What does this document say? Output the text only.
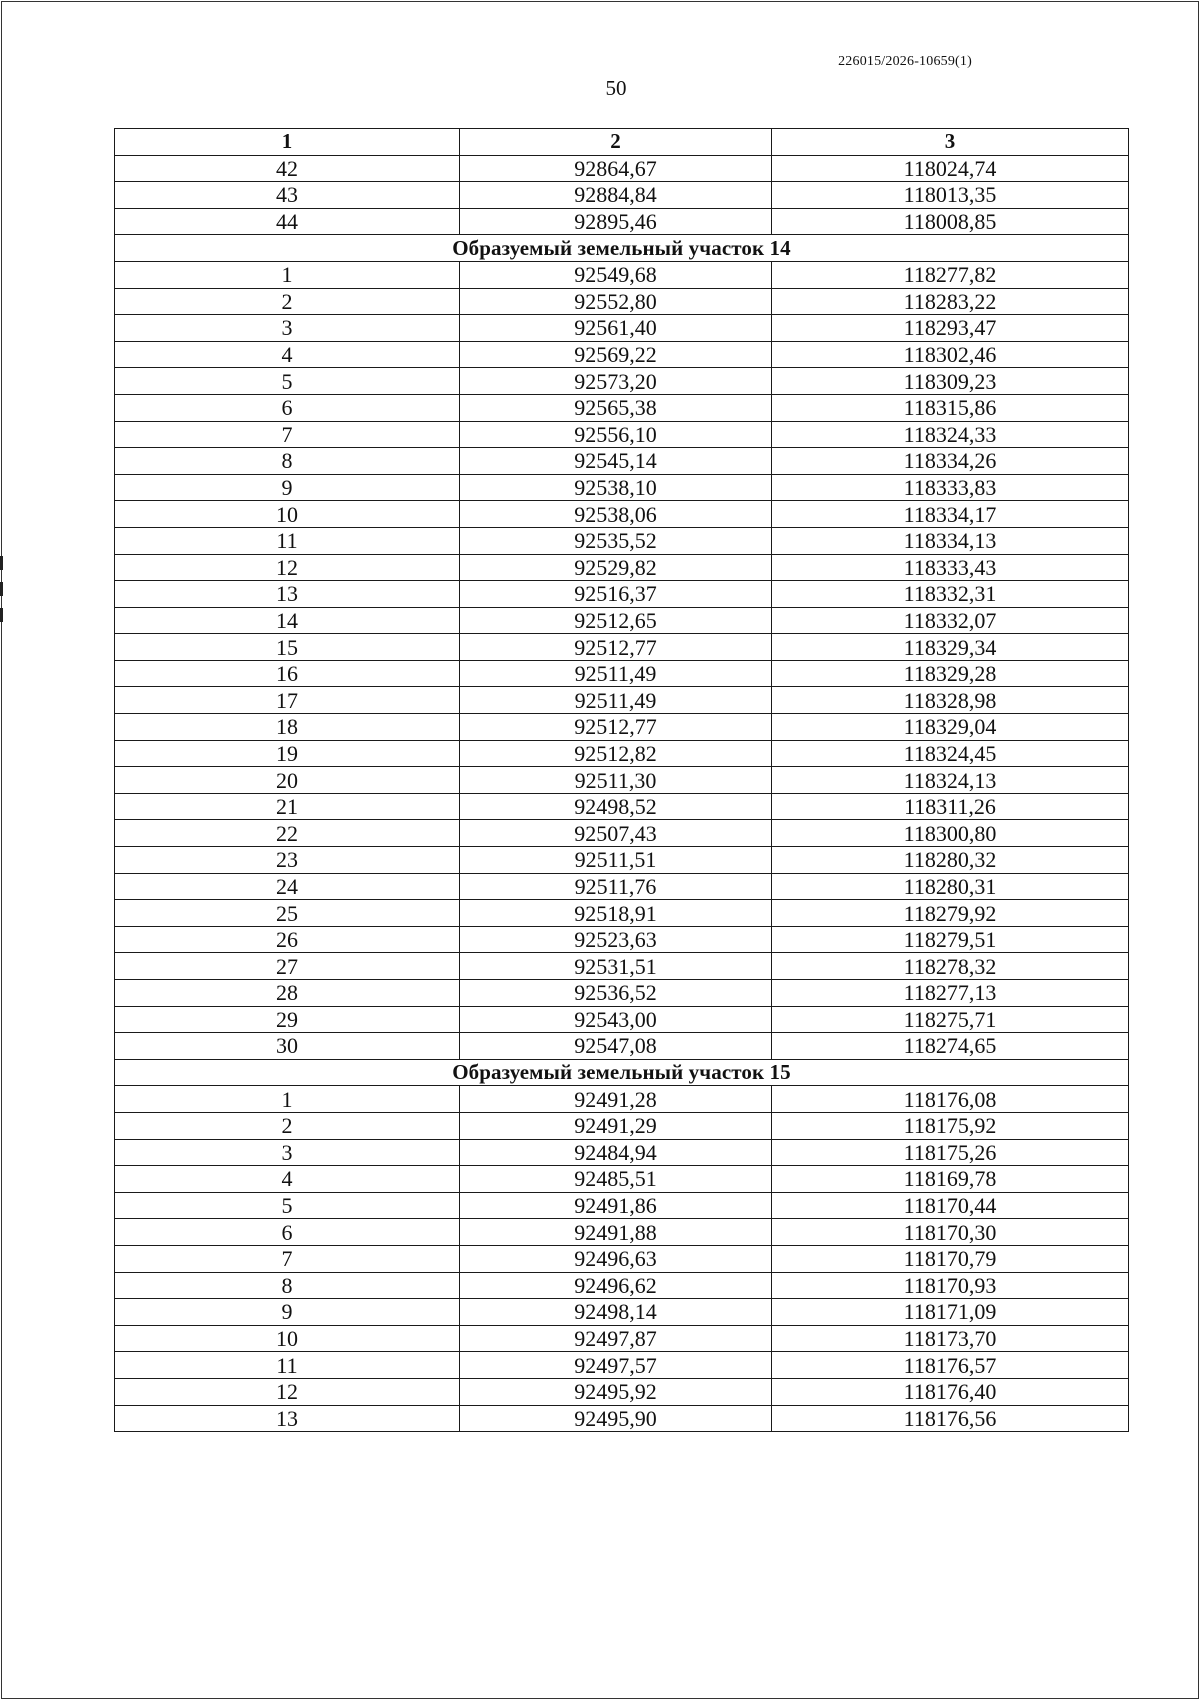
226015/2026-10659(1)
50
1	2	3
42	92864,67	118024,74
43	92884,84	118013,35
44	92895,46	118008,85
Образуемый земельный участок 14		
1	92549,68	118277,82
2	92552,80	118283,22
3	92561,40	118293,47
4	92569,22	118302,46
5	92573,20	118309,23
6	92565,38	118315,86
7	92556,10	118324,33
8	92545,14	118334,26
9	92538,10	118333,83
10	92538,06	118334,17
11	92535,52	118334,13
12	92529,82	118333,43
13	92516,37	118332,31
14	92512,65	118332,07
15	92512,77	118329,34
16	92511,49	118329,28
17	92511,49	118328,98
18	92512,77	118329,04
19	92512,82	118324,45
20	92511,30	118324,13
21	92498,52	118311,26
22	92507,43	118300,80
23	92511,51	118280,32
24	92511,76	118280,31
25	92518,91	118279,92
26	92523,63	118279,51
27	92531,51	118278,32
28	92536,52	118277,13
29	92543,00	118275,71
30	92547,08	118274,65
Образуемый земельный участок 15		
1	92491,28	118176,08
2	92491,29	118175,92
3	92484,94	118175,26
4	92485,51	118169,78
5	92491,86	118170,44
6	92491,88	118170,30
7	92496,63	118170,79
8	92496,62	118170,93
9	92498,14	118171,09
10	92497,87	118173,70
11	92497,57	118176,57
12	92495,92	118176,40
13	92495,90	118176,56
